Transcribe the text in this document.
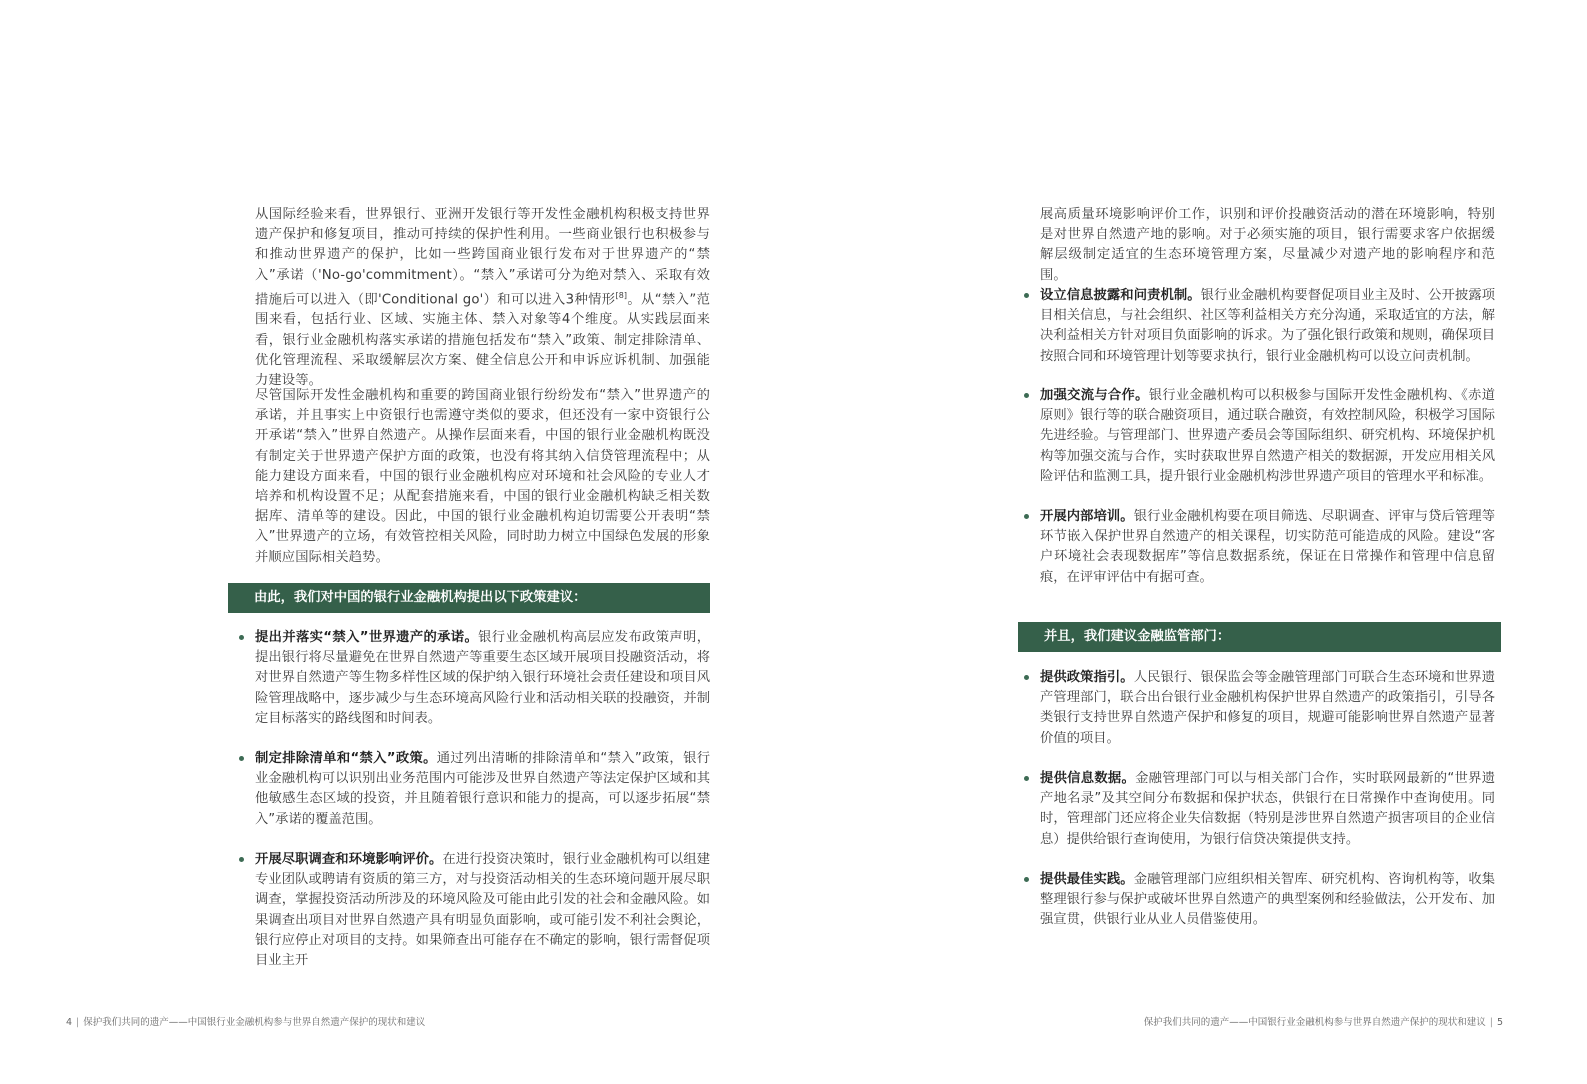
从国际经验来看，世界银行、亚洲开发银行等开发性金融机构积极支持世界遗产保护和修复项目，推动可持续的保护性利用。一些商业银行也积极参与和推动世界遗产的保护，比如一些跨国商业银行发布对于世界遗产的“禁入”承诺（'No-go'commitment）。“禁入”承诺可分为绝对禁入、采取有效措施后可以进入（即'Conditional go'）和可以进入3种情形[8]。从“禁入”范围来看，包括行业、区域、实施主体、禁入对象等4个维度。从实践层面来看，银行业金融机构落实承诺的措施包括发布“禁入”政策、制定排除清单、优化管理流程、采取缓解层次方案、健全信息公开和申诉应诉机制、加强能力建设等。

尽管国际开发性金融机构和重要的跨国商业银行纷纷发布“禁入”世界遗产的承诺，并且事实上中资银行也需遵守类似的要求，但还没有一家中资银行公开承诺“禁入”世界自然遗产。从操作层面来看，中国的银行业金融机构既没有制定关于世界遗产保护方面的政策，也没有将其纳入信贷管理流程中；从能力建设方面来看，中国的银行业金融机构应对环境和社会风险的专业人才培养和机构设置不足；从配套措施来看，中国的银行业金融机构缺乏相关数据库、清单等的建设。因此，中国的银行业金融机构迫切需要公开表明“禁入”世界遗产的立场，有效管控相关风险，同时助力树立中国绿色发展的形象并顺应国际相关趋势。

由此，我们对中国的银行业金融机构提出以下政策建议：

提出并落实“禁入”世界遗产的承诺。银行业金融机构高层应发布政策声明，提出银行将尽量避免在世界自然遗产等重要生态区域开展项目投融资活动，将对世界自然遗产等生物多样性区域的保护纳入银行环境社会责任建设和项目风险管理战略中，逐步减少与生态环境高风险行业和活动相关联的投融资，并制定目标落实的路线图和时间表。

制定排除清单和“禁入”政策。通过列出清晰的排除清单和“禁入”政策，银行业金融机构可以识别出业务范围内可能涉及世界自然遗产等法定保护区域和其他敏感生态区域的投资，并且随着银行意识和能力的提高，可以逐步拓展“禁入”承诺的覆盖范围。

开展尽职调查和环境影响评价。在进行投资决策时，银行业金融机构可以组建专业团队或聘请有资质的第三方，对与投资活动相关的生态环境问题开展尽职调查，掌握投资活动所涉及的环境风险及可能由此引发的社会和金融风险。如果调查出项目对世界自然遗产具有明显负面影响，或可能引发不利社会舆论，银行应停止对项目的支持。如果筛查出可能存在不确定的影响，银行需督促项目业主开

展高质量环境影响评价工作，识别和评价投融资活动的潜在环境影响，特别是对世界自然遗产地的影响。对于必须实施的项目，银行需要求客户依据缓解层级制定适宜的生态环境管理方案，尽量减少对遗产地的影响程序和范围。

设立信息披露和问责机制。银行业金融机构要督促项目业主及时、公开披露项目相关信息，与社会组织、社区等利益相关方充分沟通，采取适宜的方法，解决利益相关方针对项目负面影响的诉求。为了强化银行政策和规则，确保项目按照合同和环境管理计划等要求执行，银行业金融机构可以设立问责机制。

加强交流与合作。银行业金融机构可以积极参与国际开发性金融机构、《赤道原则》银行等的联合融资项目，通过联合融资，有效控制风险，积极学习国际先进经验。与管理部门、世界遗产委员会等国际组织、研究机构、环境保护机构等加强交流与合作，实时获取世界自然遗产相关的数据源，开发应用相关风险评估和监测工具，提升银行业金融机构涉世界遗产项目的管理水平和标准。

开展内部培训。银行业金融机构要在项目筛选、尽职调查、评审与贷后管理等环节嵌入保护世界自然遗产的相关课程，切实防范可能造成的风险。建设“客户环境社会表现数据库”等信息数据系统，保证在日常操作和管理中信息留痕，在评审评估中有据可查。

并且，我们建议金融监管部门：

提供政策指引。人民银行、银保监会等金融管理部门可联合生态环境和世界遗产管理部门，联合出台银行业金融机构保护世界自然遗产的政策指引，引导各类银行支持世界自然遗产保护和修复的项目，规避可能影响世界自然遗产显著价值的项目。

提供信息数据。金融管理部门可以与相关部门合作，实时联网最新的“世界遗产地名录”及其空间分布数据和保护状态，供银行在日常操作中查询使用。同时，管理部门还应将企业失信数据（特别是涉世界自然遗产损害项目的企业信息）提供给银行查询使用，为银行信贷决策提供支持。

提供最佳实践。金融管理部门应组织相关智库、研究机构、咨询机构等，收集整理银行参与保护或破坏世界自然遗产的典型案例和经验做法，公开发布、加强宣贯，供银行业从业人员借鉴使用。

4 | 保护我们共同的遗产——中国银行业金融机构参与世界自然遗产保护的现状和建议	保护我们共同的遗产——中国银行业金融机构参与世界自然遗产保护的现状和建议 | 5
